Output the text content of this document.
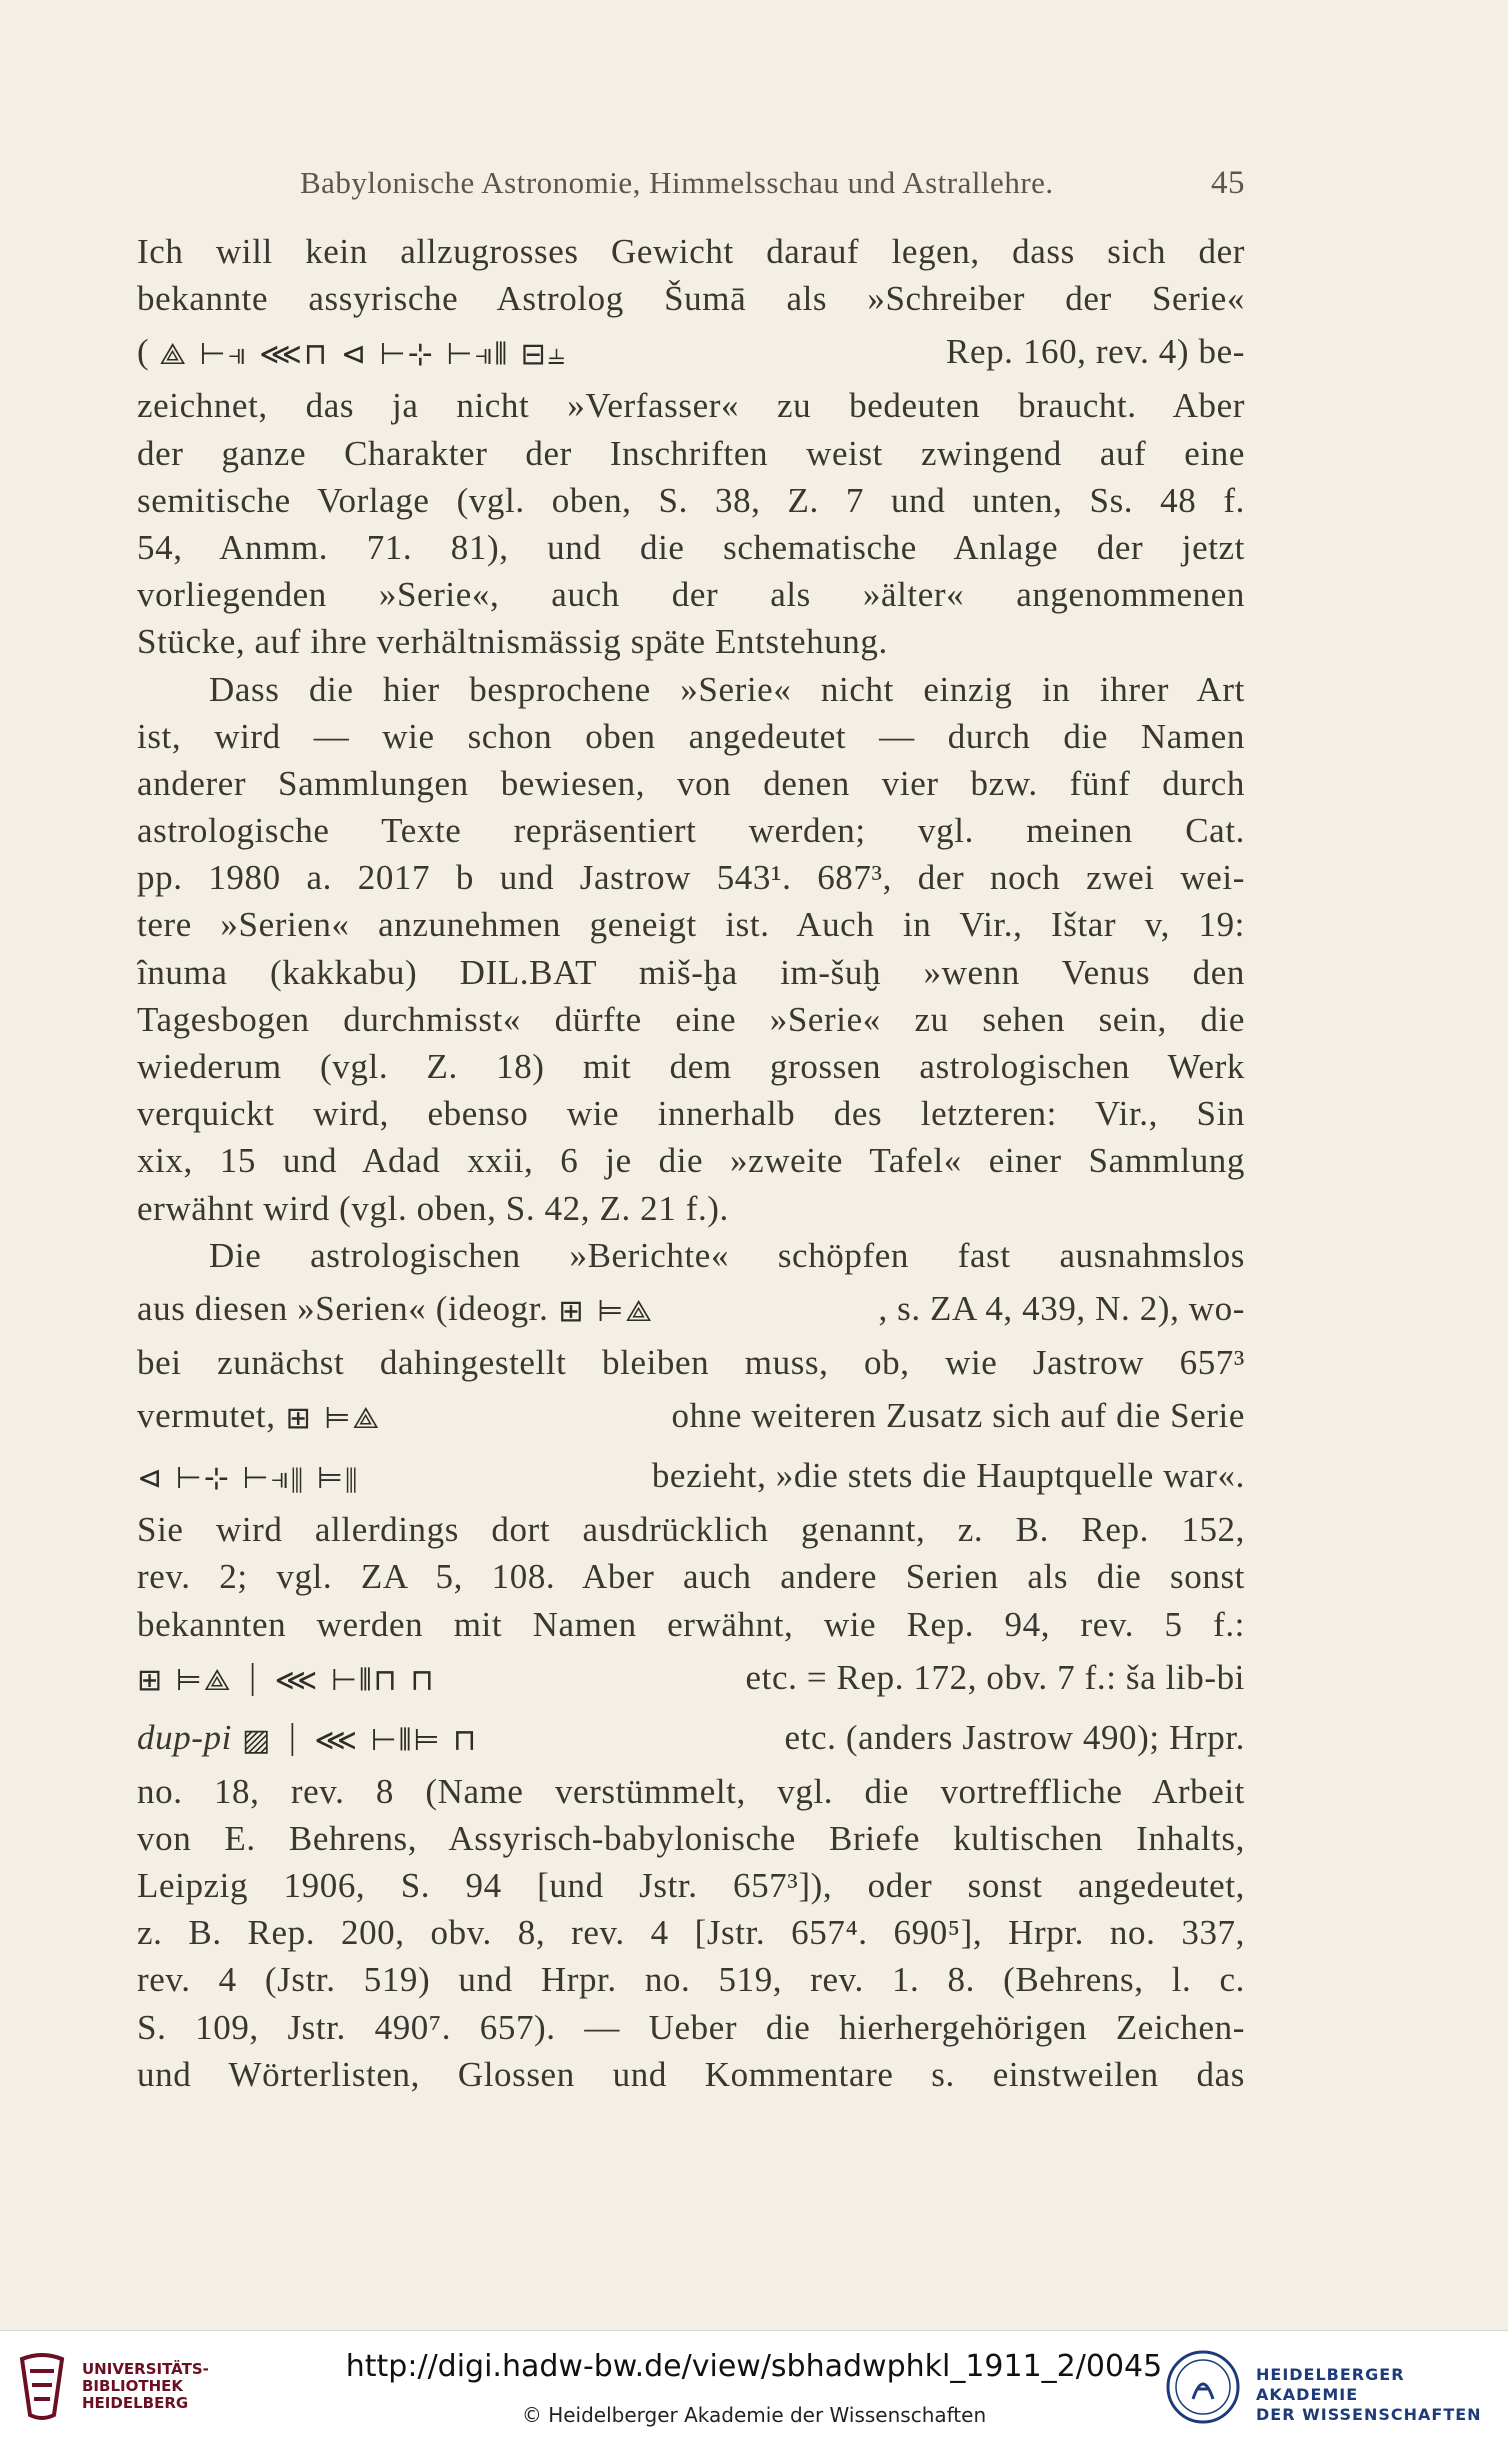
Babylonische Astronomie, Himmelsschau und Astrallehre.	45
Ich will kein allzugrosses Gewicht darauf legen, dass sich der
bekannte assyrische Astrolog Šumā als »Schreiber der Serie«
( ⟁ ⊢⫣ ⋘⊓ ⊲ ⊢⊹ ⊢⫣⫴ ⊟⫨	Rep. 160, rev. 4) be-
zeichnet, das ja nicht »Verfasser« zu bedeuten braucht. Aber
der ganze Charakter der Inschriften weist zwingend auf eine
semitische Vorlage (vgl. oben, S. 38, Z. 7 und unten, Ss. 48 f.
54, Anmm. 71. 81), und die schematische Anlage der jetzt
vorliegenden »Serie«, auch der als »älter« angenommenen
Stücke, auf ihre verhältnismässig späte Entstehung.
Dass die hier besprochene »Serie« nicht einzig in ihrer Art
ist, wird — wie schon oben angedeutet — durch die Namen
anderer Sammlungen bewiesen, von denen vier bzw. fünf durch
astrologische Texte repräsentiert werden; vgl. meinen Cat.
pp. 1980 a. 2017 b und Jastrow 543¹. 687³, der noch zwei wei-
tere »Serien« anzunehmen geneigt ist. Auch in Vir., Ištar v, 19:
înuma (kakkabu) DIL.BAT miš-ḫa im-šuḫ »wenn Venus den
Tagesbogen durchmisst« dürfte eine »Serie« zu sehen sein, die
wiederum (vgl. Z. 18) mit dem grossen astrologischen Werk
verquickt wird, ebenso wie innerhalb des letzteren: Vir., Sin
xix, 15 und Adad xxii, 6 je die »zweite Tafel« einer Sammlung
erwähnt wird (vgl. oben, S. 42, Z. 21 f.).
Die astrologischen »Berichte« schöpfen fast ausnahmslos
aus diesen »Serien« (ideogr. ⊞ ⊨⟁	, s. ZA 4, 439, N. 2), wo-
bei zunächst dahingestellt bleiben muss, ob, wie Jastrow 657³
vermutet, ⊞ ⊨⟁	ohne weiteren Zusatz sich auf die Serie
⊲ ⊢⊹ ⊢⫣⫴ ⊨⫴	bezieht, »die stets die Hauptquelle war«.
Sie wird allerdings dort ausdrücklich genannt, z. B. Rep. 152,
rev. 2; vgl. ZA 5, 108. Aber auch andere Serien als die sonst
bekannten werden mit Namen erwähnt, wie Rep. 94, rev. 5 f.:
⊞ ⊨⟁ ⏐ ⋘ ⊢⫴⊓ ⊓	etc. = Rep. 172, obv. 7 f.: ša lib-bi
dup-pi ▨ ⏐ ⋘ ⊢⫴⊨ ⊓	etc. (anders Jastrow 490); Hrpr.
no. 18, rev. 8 (Name verstümmelt, vgl. die vortreffliche Arbeit
von E. Behrens, Assyrisch-babylonische Briefe kultischen Inhalts,
Leipzig 1906, S. 94 [und Jstr. 657³]), oder sonst angedeutet,
z. B. Rep. 200, obv. 8, rev. 4 [Jstr. 657⁴. 690⁵], Hrpr. no. 337,
rev. 4 (Jstr. 519) und Hrpr. no. 519, rev. 1. 8. (Behrens, l. c.
S. 109, Jstr. 490⁷. 657). — Ueber die hierhergehörigen Zeichen-
und Wörterlisten, Glossen und Kommentare s. einstweilen das
UNIVERSITÄTS-
BIBLIOTHEK
HEIDELBERG
http://digi.hadw-bw.de/view/sbhadwphkl_1911_2/0045
© Heidelberger Akademie der Wissenschaften
HEIDELBERGER AKADEMIE
DER WISSENSCHAFTEN
